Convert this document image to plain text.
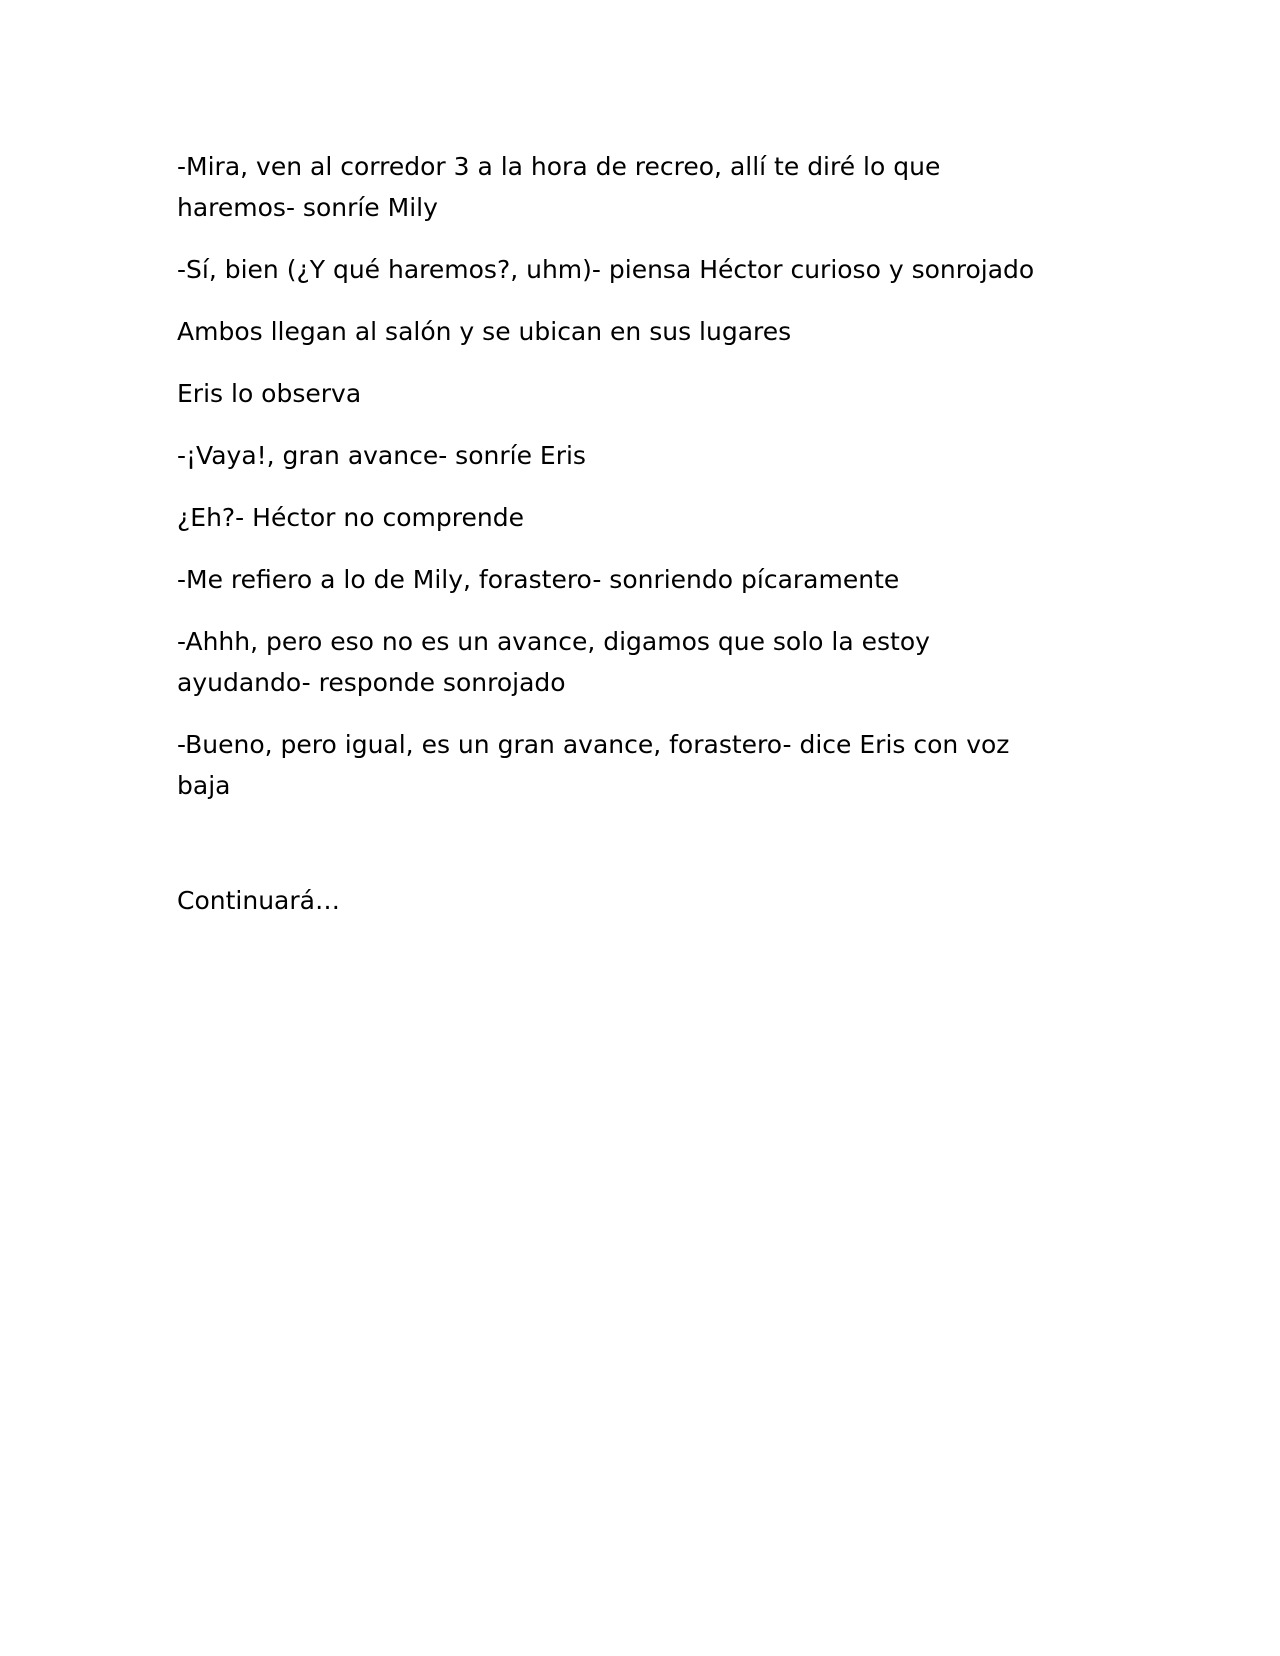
-Mira, ven al corredor 3 a la hora de recreo, allí te diré lo que haremos- sonríe Mily

-Sí, bien (¿Y qué haremos?, uhm)- piensa Héctor curioso y sonrojado

Ambos llegan al salón y se ubican en sus lugares

Eris lo observa

-¡Vaya!, gran avance- sonríe Eris

¿Eh?- Héctor no comprende

-Me refiero a lo de Mily, forastero- sonriendo pícaramente

-Ahhh, pero eso no es un avance, digamos que solo la estoy ayudando- responde sonrojado

-Bueno, pero igual, es un gran avance, forastero- dice Eris con voz baja

Continuará…
